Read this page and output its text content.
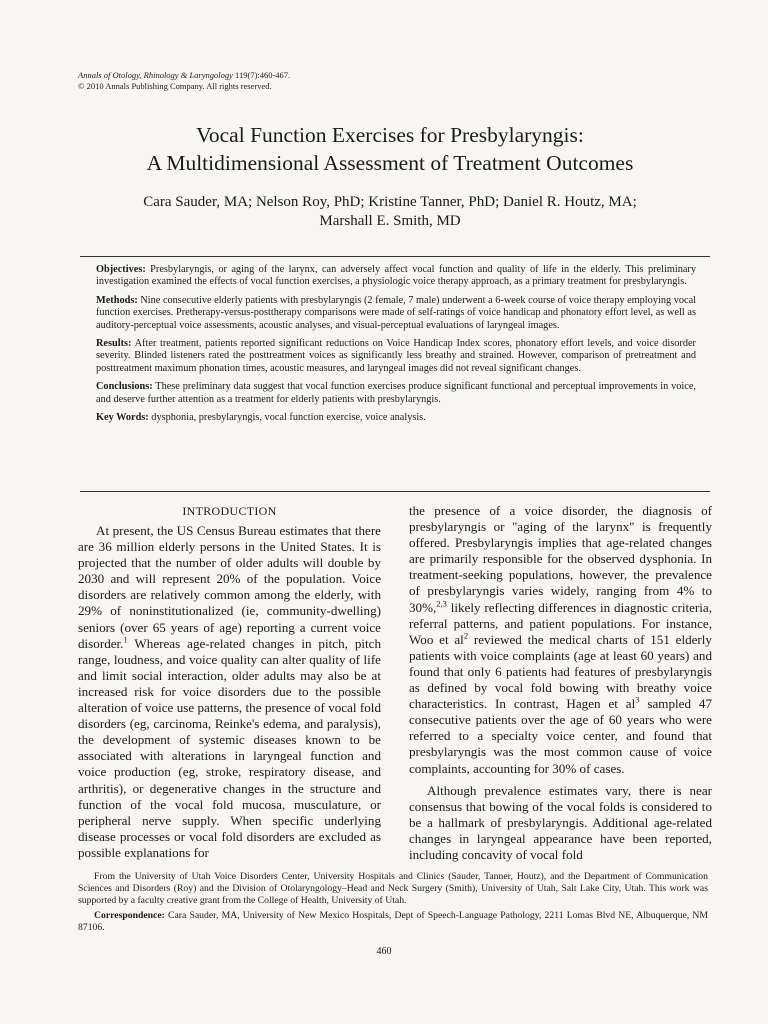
Annals of Otology, Rhinology & Laryngology 119(7):460-467.
© 2010 Annals Publishing Company. All rights reserved.
Vocal Function Exercises for Presbylaryngis:
A Multidimensional Assessment of Treatment Outcomes
Cara Sauder, MA; Nelson Roy, PhD; Kristine Tanner, PhD; Daniel R. Houtz, MA;
Marshall E. Smith, MD

Objectives: Presbylaryngis, or aging of the larynx, can adversely affect vocal function and quality of life in the elderly. This preliminary investigation examined the effects of vocal function exercises, a physiologic voice therapy approach, as a primary treatment for presbylaryngis.

Methods: Nine consecutive elderly patients with presbylaryngis (2 female, 7 male) underwent a 6-week course of voice therapy employing vocal function exercises. Pretherapy-versus-posttherapy comparisons were made of self-ratings of voice handicap and phonatory effort level, as well as auditory-perceptual voice assessments, acoustic analyses, and visual-perceptual evaluations of laryngeal images.

Results: After treatment, patients reported significant reductions on Voice Handicap Index scores, phonatory effort levels, and voice disorder severity. Blinded listeners rated the posttreatment voices as significantly less breathy and strained. However, comparison of pretreatment and posttreatment maximum phonation times, acoustic measures, and laryngeal images did not reveal significant changes.

Conclusions: These preliminary data suggest that vocal function exercises produce significant functional and perceptual improvements in voice, and deserve further attention as a treatment for elderly patients with presbylaryngis.

Key Words: dysphonia, presbylaryngis, vocal function exercise, voice analysis.

INTRODUCTION

At present, the US Census Bureau estimates that there are 36 million elderly persons in the United States. It is projected that the number of older adults will double by 2030 and will represent 20% of the population. Voice disorders are relatively common among the elderly, with 29% of noninstitutionalized (ie, community-dwelling) seniors (over 65 years of age) reporting a current voice disorder.$^1$ Whereas age-related changes in pitch, pitch range, loudness, and voice quality can alter quality of life and limit social interaction, older adults may also be at increased risk for voice disorders due to the possible alteration of voice use patterns, the presence of vocal fold disorders (eg, carcinoma, Reinke's edema, and paralysis), the development of systemic diseases known to be associated with alterations in laryngeal function and voice production (eg, stroke, respiratory disease, and arthritis), or degenerative changes in the structure and function of the vocal fold mucosa, musculature, or peripheral nerve supply. When specific underlying disease processes or vocal fold disorders are excluded as possible explanations for

the presence of a voice disorder, the diagnosis of presbylaryngis or "aging of the larynx" is frequently offered. Presbylaryngis implies that age-related changes are primarily responsible for the observed dysphonia. In treatment-seeking populations, however, the prevalence of presbylaryngis varies widely, ranging from 4% to 30%,$^{2,3}$ likely reflecting differences in diagnostic criteria, referral patterns, and patient populations. For instance, Woo et $al^2$ reviewed the medical charts of 151 elderly patients with voice complaints (age at least 60 years) and found that only 6 patients had features of presbylaryngis as defined by vocal fold bowing with breathy voice characteristics. In contrast, Hagen et $al^3$ sampled 47 consecutive patients over the age of 60 years who were referred to a specialty voice center, and found that presbylaryngis was the most common cause of voice complaints, accounting for 30% of cases.

Although prevalence estimates vary, there is near consensus that bowing of the vocal folds is considered to be a hallmark of presbylaryngis. Additional age-related changes in laryngeal appearance have been reported, including concavity of vocal fold

From the University of Utah Voice Disorders Center, University Hospitals and Clinics (Sauder, Tanner, Houtz), and the Department of Communication Sciences and Disorders (Roy) and the Division of Otolaryngology–Head and Neck Surgery (Smith), University of Utah, Salt Lake City, Utah. This work was supported by a faculty creative grant from the College of Health, University of Utah.

Correspondence: Cara Sauder, MA, University of New Mexico Hospitals, Dept of Speech-Language Pathology, 2211 Lomas Blvd NE, Albuquerque, NM 87106.

460
